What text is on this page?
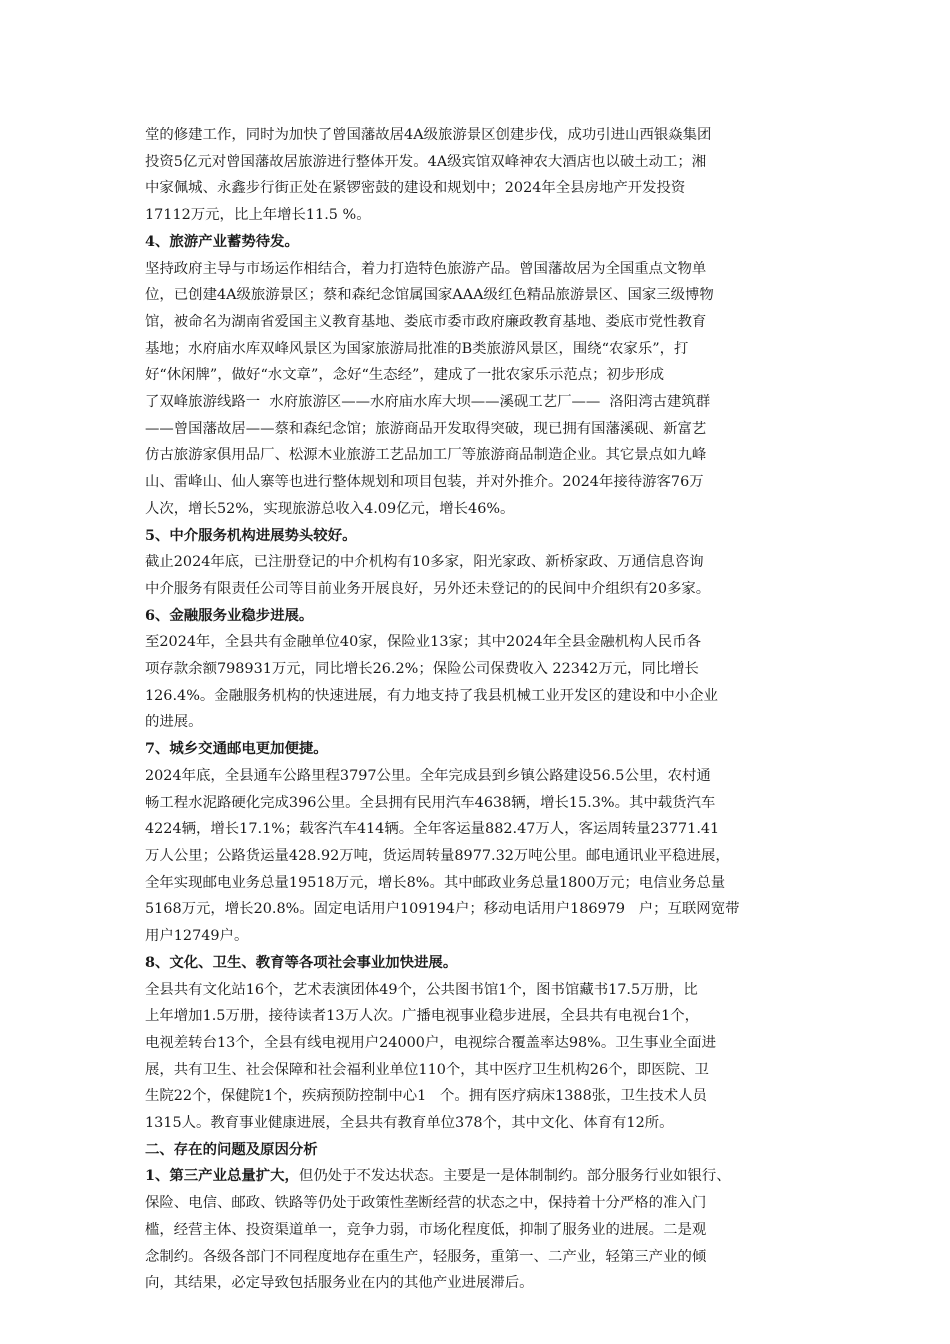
堂的修建工作，同时为加快了曾国藩故居4A级旅游景区创建步伐，成功引进山西银焱集团

投资5亿元对曾国藩故居旅游进行整体开发。4A级宾馆双峰神农大酒店也以破土动工；湘

中家佩城、永鑫步行街正处在紧锣密鼓的建设和规划中；2024年全县房地产开发投资

17112万元，比上年增长11.5 %。

4、旅游产业蓄势待发。

坚持政府主导与市场运作相结合，着力打造特色旅游产品。曾国藩故居为全国重点文物单

位，已创建4A级旅游景区；蔡和森纪念馆属国家AAA级红色精品旅游景区、国家三级博物

馆，被命名为湖南省爱国主义教育基地、娄底市委市政府廉政教育基地、娄底市党性教育

基地；水府庙水库双峰风景区为国家旅游局批准的B类旅游风景区，围绕“农家乐”，打

好“休闲牌”，做好“水文章”，念好“生态经”，建成了一批农家乐示范点；初步形成

了双峰旅游线路一  水府旅游区——水府庙水库大坝——溪砚工艺厂——  洛阳湾古建筑群

——曾国藩故居——蔡和森纪念馆；旅游商品开发取得突破，现已拥有国藩溪砚、新富艺

仿古旅游家俱用品厂、松源木业旅游工艺品加工厂等旅游商品制造企业。其它景点如九峰

山、雷峰山、仙人寨等也进行整体规划和项目包装，并对外推介。2024年接待游客76万

人次，增长52%，实现旅游总收入4.09亿元，增长46%。

5、中介服务机构进展势头较好。

截止2024年底，已注册登记的中介机构有10多家，阳光家政、新桥家政、万通信息咨询

中介服务有限责任公司等目前业务开展良好，另外还未登记的的民间中介组织有20多家。

6、金融服务业稳步进展。

至2024年，全县共有金融单位40家，保险业13家；其中2024年全县金融机构人民币各

项存款余额798931万元，同比增长26.2%；保险公司保费收入 22342万元，同比增长

126.4%。金融服务机构的快速进展，有力地支持了我县机械工业开发区的建设和中小企业

的进展。

7、城乡交通邮电更加便捷。

2024年底，全县通车公路里程3797公里。全年完成县到乡镇公路建设56.5公里，农村通

畅工程水泥路硬化完成396公里。全县拥有民用汽车4638辆，增长15.3%。其中载货汽车

4224辆，增长17.1%；载客汽车414辆。全年客运量882.47万人，客运周转量23771.41

万人公里；公路货运量428.92万吨，货运周转量8977.32万吨公里。邮电通讯业平稳进展，

全年实现邮电业务总量19518万元，增长8%。其中邮政业务总量1800万元；电信业务总量

5168万元，增长20.8%。固定电话用户109194户；移动电话用户186979   户；互联网宽带

用户12749户。

8、文化、卫生、教育等各项社会事业加快进展。

全县共有文化站16个，艺术表演团体49个，公共图书馆1个，图书馆藏书17.5万册，比

上年增加1.5万册，接待读者13万人次。广播电视事业稳步进展，全县共有电视台1个，

电视差转台13个，全县有线电视用户24000户，电视综合覆盖率达98%。卫生事业全面进

展，共有卫生、社会保障和社会福利业单位110个，其中医疗卫生机构26个，即医院、卫

生院22个，保健院1个，疾病预防控制中心1   个。拥有医疗病床1388张，卫生技术人员

1315人。教育事业健康进展，全县共有教育单位378个，其中文化、体育有12所。

二、存在的问题及原因分析

1、第三产业总量扩大，但仍处于不发达状态。主要是一是体制制约。部分服务行业如银行、

保险、电信、邮政、铁路等仍处于政策性垄断经营的状态之中，保持着十分严格的准入门

槛，经营主体、投资渠道单一，竞争力弱，市场化程度低，抑制了服务业的进展。二是观

念制约。各级各部门不同程度地存在重生产，轻服务，重第一、二产业，轻第三产业的倾

向，其结果，必定导致包括服务业在内的其他产业进展滞后。
